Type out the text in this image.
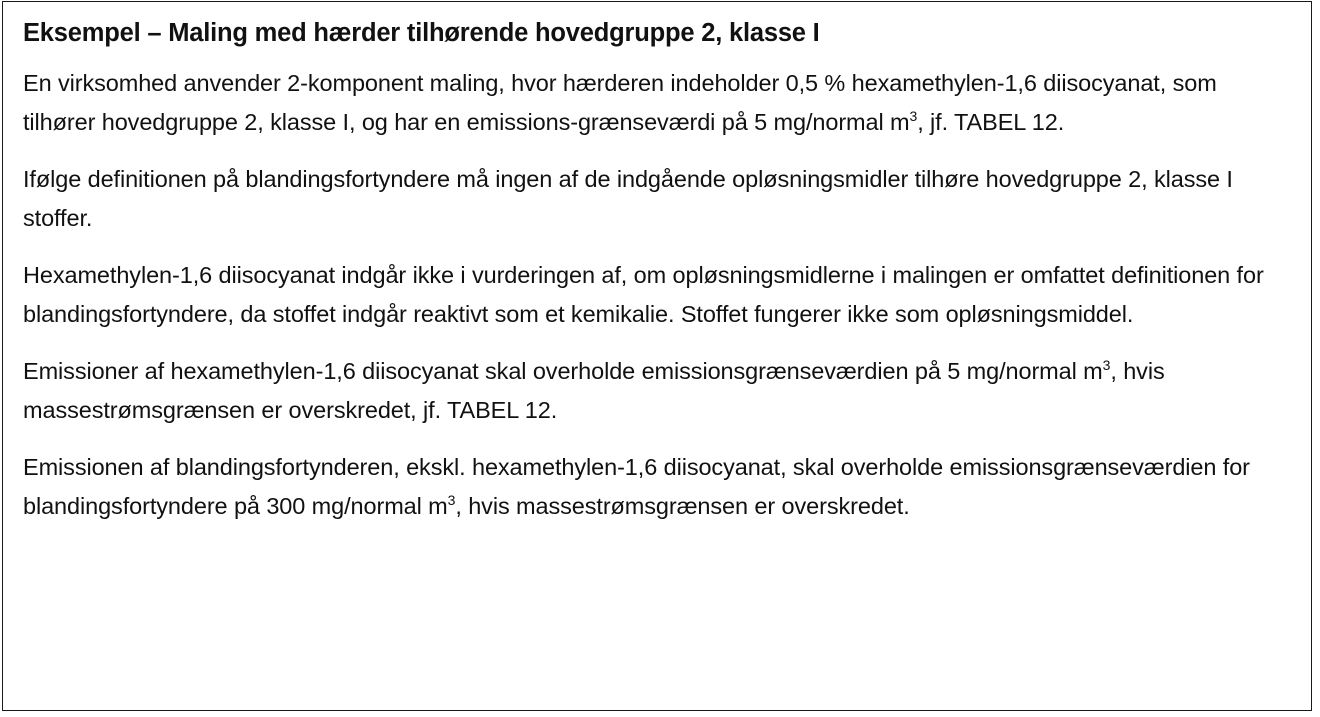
Eksempel – Maling med hærder tilhørende hovedgruppe 2, klasse I

En virksomhed anvender 2-komponent maling, hvor hærderen indeholder 0,5 % hexamethylen-1,6 diisocyanat, som tilhører hovedgruppe 2, klasse I, og har en emissions-grænseværdi på 5 mg/normal $m^3$, jf. TABEL 12.

Ifølge definitionen på blandingsfortyndere må ingen af de indgående opløsningsmidler tilhøre hovedgruppe 2, klasse I stoffer.

Hexamethylen-1,6 diisocyanat indgår ikke i vurderingen af, om opløsningsmidlerne i malingen er omfattet definitionen for blandingsfortyndere, da stoffet indgår reaktivt som et kemikalie. Stoffet fungerer ikke som opløsningsmiddel.

Emissioner af hexamethylen-1,6 diisocyanat skal overholde emissionsgrænseværdien på 5 mg/normal $m^3$, hvis massestrømsgrænsen er overskredet, jf. TABEL 12.

Emissionen af blandingsfortynderen, ekskl. hexamethylen-1,6 diisocyanat, skal overholde emissionsgrænseværdien for blandingsfortyndere på 300 mg/normal $m^3$, hvis massestrømsgrænsen er overskredet.
